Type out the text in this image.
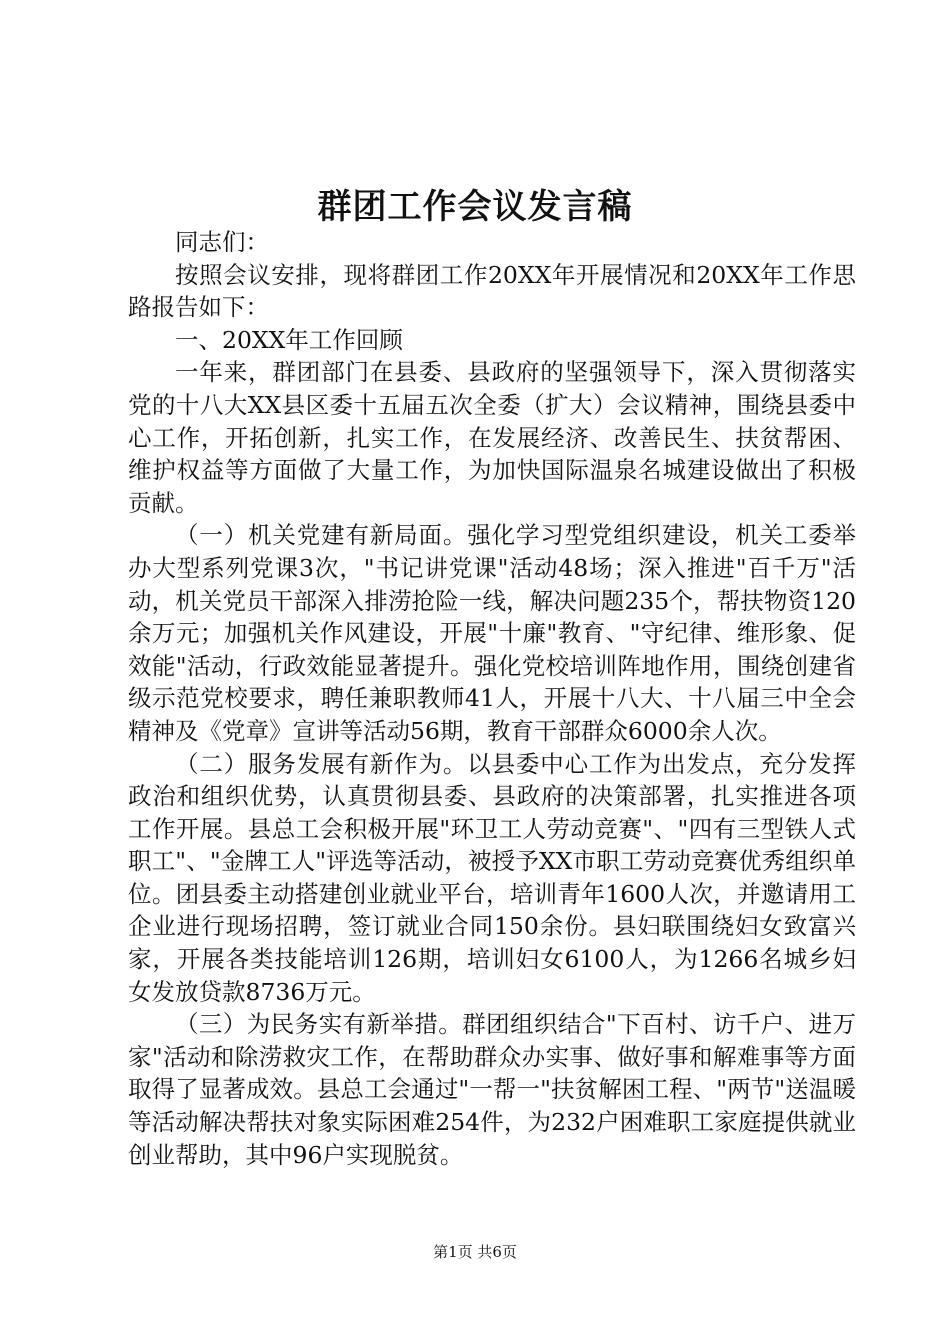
群团工作会议发言稿

同志们：

按照会议安排，现将群团工作20XX年开展情况和20XX年工作思路报告如下：

一、20XX年工作回顾

一年来，群团部门在县委、县政府的坚强领导下，深入贯彻落实党的十八大XX县区委十五届五次全委（扩大）会议精神，围绕县委中心工作，开拓创新，扎实工作，在发展经济、改善民生、扶贫帮困、维护权益等方面做了大量工作，为加快国际温泉名城建设做出了积极贡献。

（一）机关党建有新局面。强化学习型党组织建设，机关工委举办大型系列党课3次，"书记讲党课"活动48场；深入推进"百千万"活动，机关党员干部深入排涝抢险一线，解决问题235个，帮扶物资120余万元；加强机关作风建设，开展"十廉"教育、"守纪律、维形象、促效能"活动，行政效能显著提升。强化党校培训阵地作用，围绕创建省级示范党校要求，聘任兼职教师41人，开展十八大、十八届三中全会精神及《党章》宣讲等活动56期，教育干部群众6000余人次。

（二）服务发展有新作为。以县委中心工作为出发点，充分发挥政治和组织优势，认真贯彻县委、县政府的决策部署，扎实推进各项工作开展。县总工会积极开展"环卫工人劳动竞赛"、"四有三型铁人式职工"、"金牌工人"评选等活动，被授予XX市职工劳动竞赛优秀组织单位。团县委主动搭建创业就业平台，培训青年1600人次，并邀请用工企业进行现场招聘，签订就业合同150余份。县妇联围绕妇女致富兴家，开展各类技能培训126期，培训妇女6100人，为1266名城乡妇女发放贷款8736万元。

（三）为民务实有新举措。群团组织结合"下百村、访千户、进万家"活动和除涝救灾工作，在帮助群众办实事、做好事和解难事等方面取得了显著成效。县总工会通过"一帮一"扶贫解困工程、"两节"送温暖等活动解决帮扶对象实际困难254件，为232户困难职工家庭提供就业创业帮助，其中96户实现脱贫。

第1页 共6页
